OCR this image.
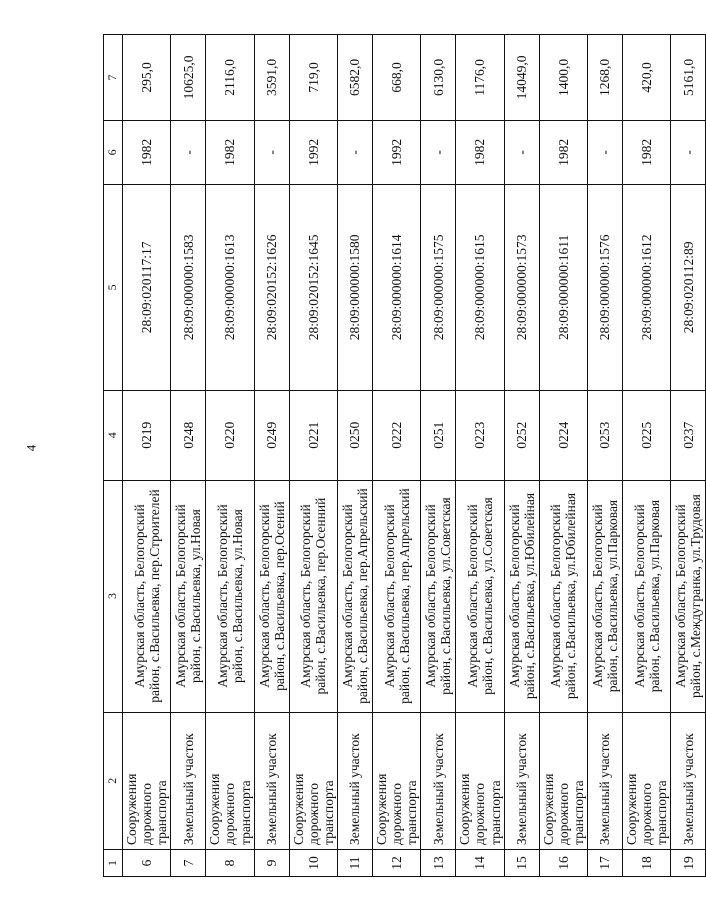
4
1	2	3	4	5	6	7
6	Сооружения дорожного транспорта	Амурская область, Белогорский район, с.Васильевка, пер.Строителей	0219	28:09:020117:17	1982	295,0
7	Земельный участок	Амурская область, Белогорский район, с.Васильевка, ул.Новая	0248	28:09:000000:1583	-	10625,0
8	Сооружения дорожного транспорта	Амурская область, Белогорский район, с.Васильевка, ул.Новая	0220	28:09:000000:1613	1982	2116,0
9	Земельный участок	Амурская область, Белогорский район, с.Васильевка, пер.Осений	0249	28:09:020152:1626	-	3591,0
10	Сооружения дорожного транспорта	Амурская область, Белогорский район, с.Васильевка, пер.Осенний	0221	28:09:020152:1645	1992	719,0
11	Земельный участок	Амурская область, Белогорский район, с.Васильевка, пер.Апрельский	0250	28:09:000000:1580	-	6582,0
12	Сооружения дорожного транспорта	Амурская область, Белогорский район, с.Васильевка, пер.Апрельский	0222	28:09:000000:1614	1992	668,0
13	Земельный участок	Амурская область, Белогорский район, с.Васильевка, ул.Советская	0251	28:09:000000:1575	-	6130,0
14	Сооружения дорожного транспорта	Амурская область, Белогорский район, с.Васильевка, ул.Советская	0223	28:09:000000:1615	1982	1176,0
15	Земельный участок	Амурская область, Белогорский район, с.Васильевка, ул.Юбилейная	0252	28:09:000000:1573	-	14049,0
16	Сооружения дорожного транспорта	Амурская область, Белогорский район, с.Васильевка, ул.Юбилейная	0224	28:09:000000:1611	1982	1400,0
17	Земельный участок	Амурская область, Белогорский район, с.Васильевка, ул.Парковая	0253	28:09:000000:1576	-	1268,0
18	Сооружения дорожного транспорта	Амурская область, Белогорский район, с.Васильевка, ул.Парковая	0225	28:09:000000:1612	1982	420,0
19	Земельный участок	Амурская область, Белогорский район, с.Междугранка, ул.Трудовая	0237	28:09:020112:89	-	5161,0
